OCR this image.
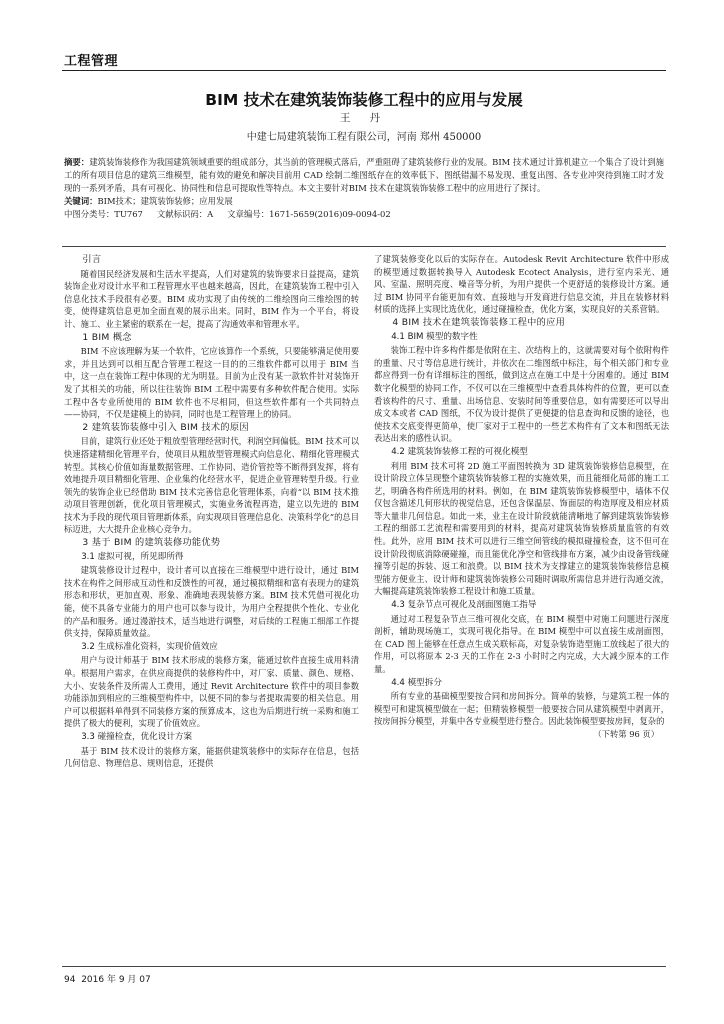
工程管理
BIM 技术在建筑装饰装修工程中的应用与发展
王 丹
中建七局建筑装饰工程有限公司，河南 郑州 450000

摘要：建筑装饰装修作为我国建筑领域重要的组成部分，其当前的管理模式落后，严重阻碍了建筑装修行业的发展。BIM 技术通过计算机建立一个集合了设计到施工的所有项目信息的建筑三维模型，能有效的避免和解决目前用 CAD 绘制二维图纸存在的效率低下、图纸错漏不易发现、重复出图、各专业冲突待到施工时才发现的一系列矛盾，具有可视化、协同性和信息可提取性等特点。本文主要针对BIM 技术在建筑装饰装修工程中的应用进行了探讨。

关键词：BIM技术；建筑装饰装修；应用发展

中图分类号：TU767 文献标识码：A 文章编号：1671-5659(2016)09-0094-02
引言

随着国民经济发展和生活水平提高，人们对建筑的装饰要求日益提高，建筑装饰企业对设计水平和工程管理水平也越来越高，因此，在建筑装饰工程中引入信息化技术手段很有必要。BIM 成功实现了由传统的二维绘图向三维绘图的转变，使得建筑信息更加全面直观的展示出来。同时，BIM 作为一个平台，将设计、施工、业主紧密的联系在一起，提高了沟通效率和管理水平。

1 BIM 概念

BIM 不应该理解为某一个软件，它应该算作一个系统，只要能够满足使用要求，并且达到可以相互配合管理工程这一目的的三维软件都可以用于 BIM 当中，这一点在装饰工程中体现的尤为明显。目前为止没有某一款软件针对装饰开发了其相关的功能，所以往往装饰 BIM 工程中需要有多种软件配合使用。实际工程中各专业所使用的 BIM 软件也不尽相同，但这些软件都有一个共同特点——协同，不仅是建模上的协同，同时也是工程管理上的协同。

2 建筑装饰装修中引入 BIM 技术的原因

目前，建筑行业还处于粗放型管理经营时代，利润空间偏低。BIM 技术可以快速搭建精细化管理平台，使项目从粗放型管理模式向信息化、精细化管理模式转型。其核心价值如海量数据管理、工作协同、造价管控等不断得到发挥，将有效地提升项目精细化管理、企业集约化经营水平，促进企业管理转型升级。行业领先的装饰企业已经借助 BIM 技术完善信息化管理体系，向着“以 BIM 技术推动项目管理创新，优化项目管理模式，实施业务流程再造，建立以先进的 BIM 技术为手段的现代项目管理新体系，向实现项目管理信息化、决策科学化”的总目标迈进，大大提升企业核心竞争力。

3 基于 BIM 的建筑装修功能优势
3.1 虚拟可视，所见即所得

建筑装修设计过程中，设计者可以直接在三维模型中进行设计，通过 BIM 技术在构件之间形成互动性和反馈性的可视，通过模拟精细和富有表现力的建筑形态和形状，更加直观、形象、准确地表现装修方案。BIM 技术凭借可视化功能，使不具备专业能力的用户也可以参与设计，为用户全程提供个性化、专业化的产品和服务。通过漫游技术，适当地进行调整，对后续的工程施工细部工作提供支持，保障质量效益。

3.2 生成标准化资料，实现价值效应

用户与设计师基于 BIM 技术形成的装修方案，能通过软件直接生成用料清单。根据用户需求，在供应商提供的装修构件中，对厂家、质量、颜色、规格、大小、安装条件及所需人工费用，通过 Revit Architecture 软件中的项目参数功能添加到相应的三维模型构件中，以便不同的参与者提取需要的相关信息。用户可以根据料单得到不同装修方案的预算成本，这也为后期进行统一采购和施工提供了极大的便利，实现了价值效应。

3.3 碰撞检查，优化设计方案

基于 BIM 技术设计的装修方案，能据供建筑装修中的实际存在信息，包括几何信息、物理信息、规则信息，还提供

了建筑装修变化以后的实际存在。Autodesk Revit Architecture 软件中形成的模型通过数据转换导入 Autodesk Ecotect Analysis，进行室内采光、通风、室温、照明亮度、噪音等分析，为用户提供一个更舒适的装修设计方案。通过 BIM 协同平台能更加有效、直接地与开发商进行信息交流，并且在装修材料材质的选择上实现比选优化，通过碰撞检查，优化方案，实现良好的关系营销。

4 BIM 技术在建筑装饰装修工程中的应用
4.1 BIM 模型的数字性

装饰工程中许多构件都是依附在主、次结构上的，这就需要对每个依附构件的重量、尺寸等信息进行统计，并依次在二维图纸中标注，每个相关部门和专业都应得到一份有详细标注的图纸，做到这点在施工中是十分困难的。通过 BIM 数字化模型的协同工作，不仅可以在三维模型中查看具体构件的位置，更可以查看该构件的尺寸、重量、出场信息、安装时间等重要信息，如有需要还可以导出成文本或者 CAD 图纸，不仅为设计提供了更便捷的信息查询和反馈的途径，也使技术交底变得更简单，使厂家对于工程中的一些艺术构件有了文本和图纸无法表达出来的感性认识。

4.2 建筑装饰装修工程的可视化模型

利用 BIM 技术可将 2D 施工平面图转换为 3D 建筑装饰装修信息模型，在设计阶段立体呈现整个建筑装饰装修工程的实施效果，而且能细化局部的施工工艺，明确各构件所选用的材料。例如，在 BIM 建筑装饰装修模型中，墙体不仅仅包含描述几何形状的视觉信息，还包含保温层、饰面层的构造厚度及相应材质等大量非几何信息。如此一来，业主在设计阶段就能清晰地了解到建筑装饰装修工程的细部工艺流程和需要用到的材料，提高对建筑装饰装修质量监管的有效性。此外，应用 BIM 技术可以进行三维空间管线的模拟碰撞检查，这不但可在设计阶段彻底消除硬碰撞，而且能优化净空和管线排布方案，减少由设备管线碰撞等引起的拆装、返工和浪费。以 BIM 技术为支撑建立的建筑装饰装修信息模型能方便业主、设计师和建筑装饰装修公司随时调取所需信息并进行沟通交流，大幅提高建筑装饰装修工程设计和施工质量。

4.3 复杂节点可视化及剖面图施工指导

通过对工程复杂节点三维可视化交底，在 BIM 模型中对施工问题进行深度剖析，辅助现场施工，实现可视化指导。在 BIM 模型中可以直接生成剖面图，在 CAD 图上能够在任意点生成关联标高，对复杂装饰造型施工放线起了很大的作用，可以将原本 2-3 天的工作在 2-3 小时时之内完成，大大减少原本的工作量。

4.4 模型拆分

所有专业的基础模型要按合同和房间拆分。简单的装修，与建筑工程一体的模型可和建筑模型做在一起；但精装修模型一般要按合同从建筑模型中剥离开，按房间拆分模型，并集中各专业模型进行整合。因此装饰模型要按房间，复杂的

（下转第 96 页）
94 2016 年 9 月 07
